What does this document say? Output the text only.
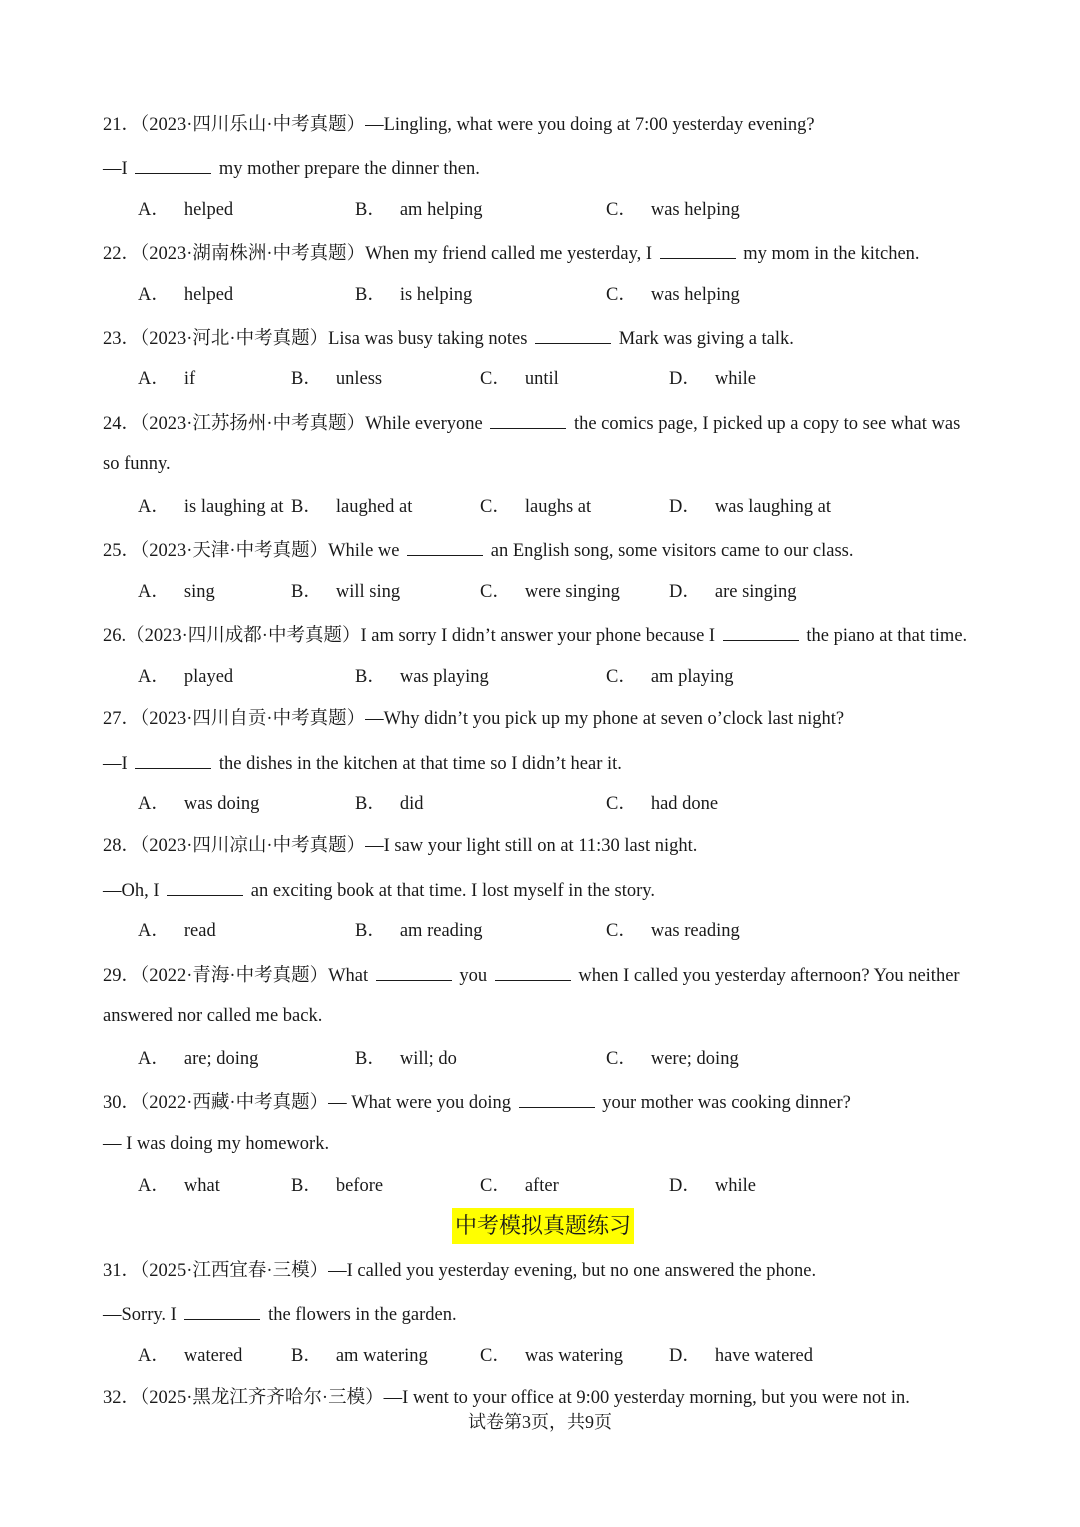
21．（2023·四川乐山·中考真题）—Lingling, what were you doing at 7:00 yesterday evening?
—I	my mother prepare the dinner then.
A． helped	B． am helping	C． was helping
22．（2023·湖南株洲·中考真题）When my friend called me yesterday, I	my mom in the kitchen.
A． helped	B． is helping	C． was helping
23．（2023·河北·中考真题）Lisa was busy taking notes	Mark was giving a talk.
A． if	B． unless	C． until	D． while
24．（2023·江苏扬州·中考真题）While everyone	the comics page, I picked up a copy to see what was
so funny.
A． is laughing at B． laughed at	C． laughs at	D． was laughing at
25．（2023·天津·中考真题）While we	an English song, some visitors came to our class.
A． sing	B． will sing	C． were singing	D． are singing
26.（2023·四川成都·中考真题）I am sorry I didn’t answer your phone because I	the piano at that time.
A． played	B． was playing	C． am playing
27．（2023·四川自贡·中考真题）—Why didn’t you pick up my phone at seven o’clock last night?
—I	the dishes in the kitchen at that time so I didn’t hear it.
A． was doing	B． did	C． had done
28．（2023·四川凉山·中考真题）—I saw your light still on at 11:30 last night.
—Oh, I	an exciting book at that time. I lost myself in the story.
A． read	B． am reading	C． was reading
29．（2022·青海·中考真题）What	you	when I called you yesterday afternoon? You neither
answered nor called me back.
A． are; doing	B． will; do	C． were; doing
30．（2022·西藏·中考真题）— What were you doing	your mother was cooking dinner?
— I was doing my homework.
A． what	B． before	C． after	D． while
31．（2025·江西宜春·三模）—I called you yesterday evening, but no one answered the phone.
—Sorry. I	the flowers in the garden.
A． watered	B． am watering	C． was watering D． have watered
32．（2025·黑龙江齐齐哈尔·三模）—I went to your office at 9:00 yesterday morning, but you were not in.
中考模拟真题练习
试卷第3页，共9页
